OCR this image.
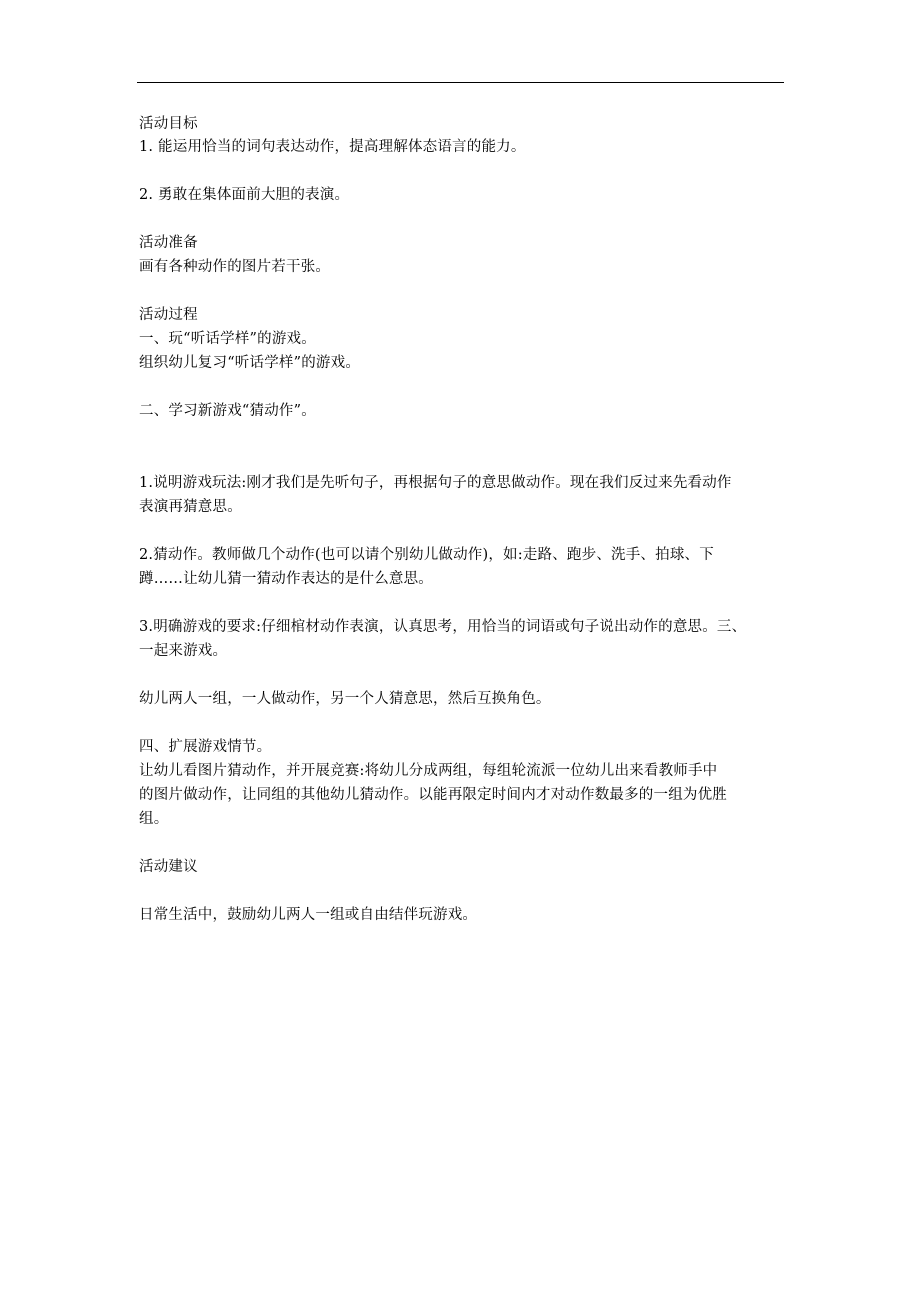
活动目标
1. 能运用恰当的词句表达动作，提高理解体态语言的能力。
2. 勇敢在集体面前大胆的表演。
活动准备
画有各种动作的图片若干张。
活动过程
一、玩“听话学样”的游戏。
组织幼儿复习“听话学样”的游戏。
二、学习新游戏“猜动作”。
1.说明游戏玩法:刚才我们是先听句子，再根据句子的意思做动作。现在我们反过来先看动作
表演再猜意思。
2.猜动作。教师做几个动作(也可以请个别幼儿做动作)，如:走路、跑步、洗手、拍球、下
蹲……让幼儿猜一猜动作表达的是什么意思。
3.明确游戏的要求:仔细棺材动作表演，认真思考，用恰当的词语或句子说出动作的意思。三、
一起来游戏。
幼儿两人一组，一人做动作，另一个人猜意思，然后互换角色。
四、扩展游戏情节。
让幼儿看图片猜动作，并开展竞赛:将幼儿分成两组，每组轮流派一位幼儿出来看教师手中
的图片做动作，让同组的其他幼儿猜动作。以能再限定时间内才对动作数最多的一组为优胜
组。
活动建议
日常生活中，鼓励幼儿两人一组或自由结伴玩游戏。
